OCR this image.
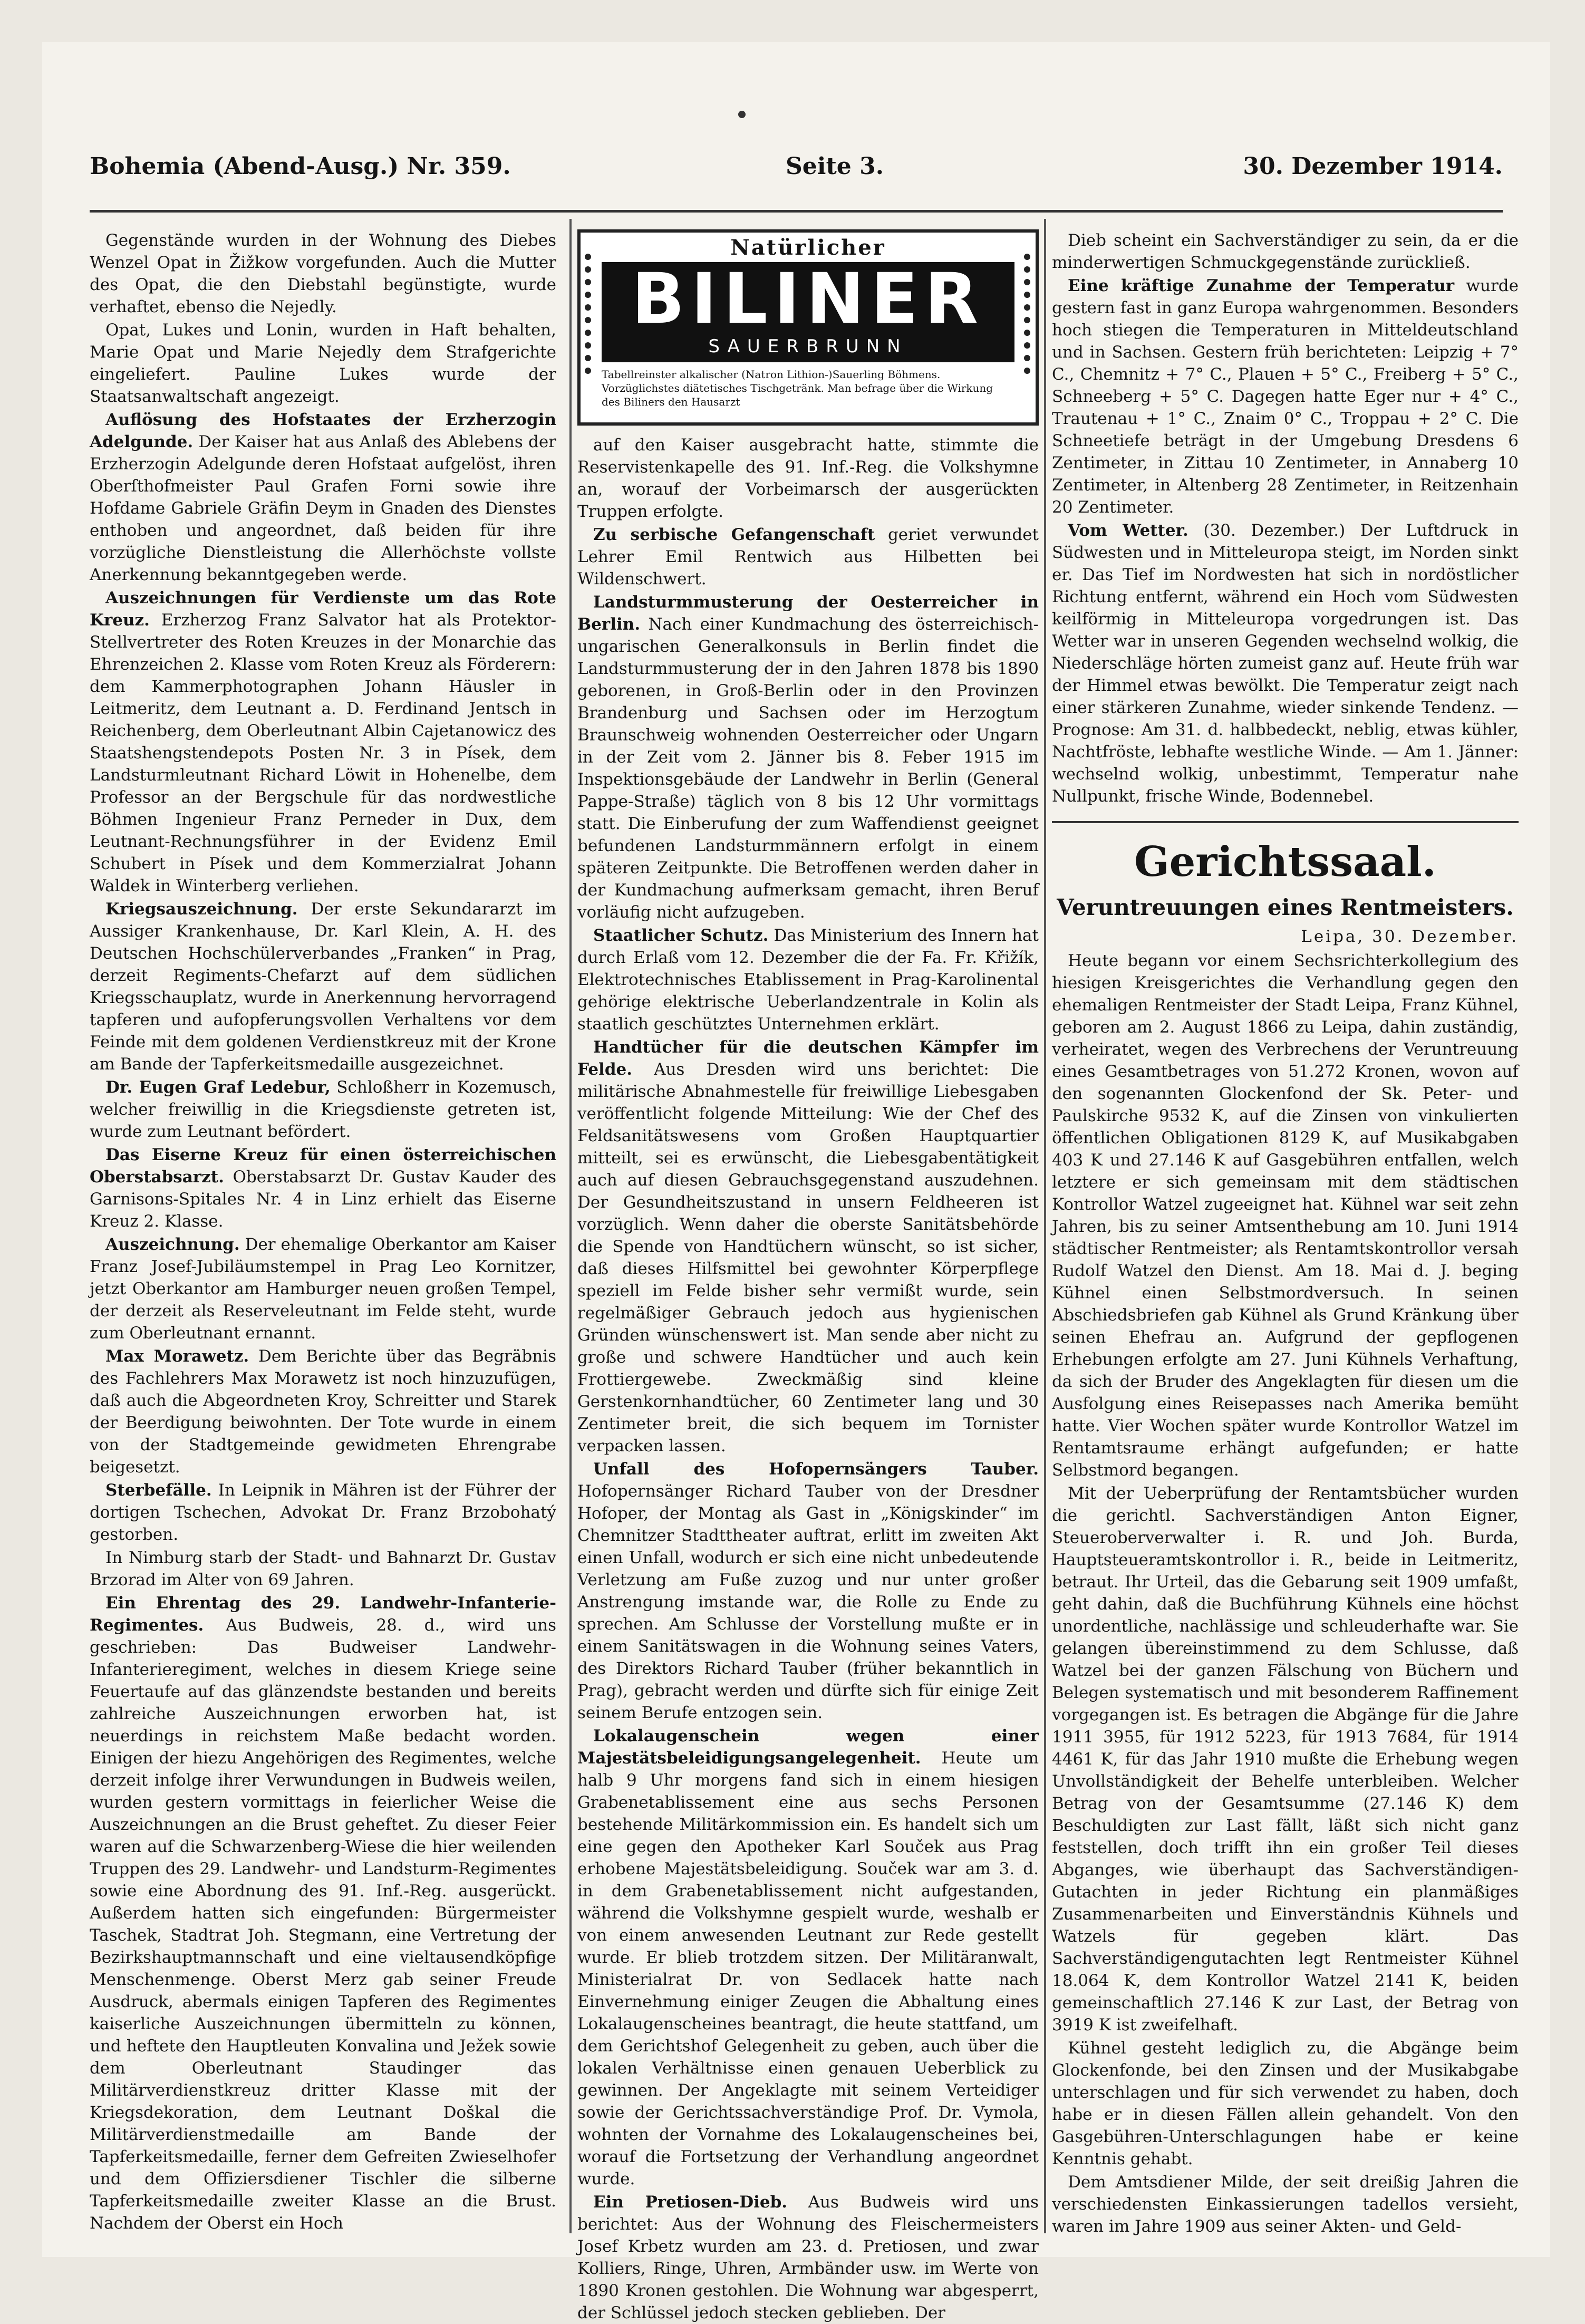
Bohemia (Abend-Ausg.) Nr. 359.	Seite 3.	30. Dezember 1914.

Gegenstände wurden in der Wohnung des Diebes Wenzel Opat in Žižkow vorgefunden. Auch die Mutter des Opat, die den Diebstahl begünstigte, wurde verhaftet, ebenso die Nejedly.

Opat, Lukes und Lonin, wurden in Haft behalten, Marie Opat und Marie Nejedly dem Strafgerichte eingeliefert. Pauline Lukes wurde der Staatsanwaltschaft angezeigt.

Auflösung des Hofstaates der Erzherzogin Adelgunde. Der Kaiser hat aus Anlaß des Ablebens der Erzherzogin Adelgunde deren Hofstaat aufgelöst, ihren Oberſthofmeister Paul Grafen Forni sowie ihre Hofdame Gabriele Gräfin Deym in Gnaden des Dienstes enthoben und angeordnet, daß beiden für ihre vorzügliche Dienstleistung die Allerhöchste vollste Anerkennung bekanntgegeben werde.

Auszeichnungen für Verdienste um das Rote Kreuz. Erzherzog Franz Salvator hat als Protektor-Stellvertreter des Roten Kreuzes in der Monarchie das Ehrenzeichen 2. Klasse vom Roten Kreuz als Förderern: dem Kammerphotographen Johann Häusler in Leitmeritz, dem Leutnant a. D. Ferdinand Jentsch in Reichenberg, dem Oberleutnant Albin Cajetanowicz des Staatshengstendepots Posten Nr. 3 in Písek, dem Landsturmleutnant Richard Löwit in Hohenelbe, dem Professor an der Bergschule für das nordwestliche Böhmen Ingenieur Franz Perneder in Dux, dem Leutnant-Rechnungsführer in der Evidenz Emil Schubert in Písek und dem Kommerzialrat Johann Waldek in Winterberg verliehen.

Kriegsauszeichnung. Der erste Sekundararzt im Aussiger Krankenhause, Dr. Karl Klein, A. H. des Deutschen Hochschülerverbandes „Franken“ in Prag, derzeit Regiments-Chefarzt auf dem südlichen Kriegsschauplatz, wurde in Anerkennung hervorragend tapferen und aufopferungsvollen Verhaltens vor dem Feinde mit dem goldenen Verdienstkreuz mit der Krone am Bande der Tapferkeitsmedaille ausgezeichnet.

Dr. Eugen Graf Ledebur, Schloßherr in Kozemusch, welcher freiwillig in die Kriegsdienste getreten ist, wurde zum Leutnant befördert.

Das Eiserne Kreuz für einen österreichischen Oberstabsarzt. Oberstabsarzt Dr. Gustav Kauder des Garnisons-Spitales Nr. 4 in Linz erhielt das Eiserne Kreuz 2. Klasse.

Auszeichnung. Der ehemalige Oberkantor am Kaiser Franz Josef-Jubiläumstempel in Prag Leo Kornitzer, jetzt Oberkantor am Hamburger neuen großen Tempel, der derzeit als Reserveleutnant im Felde steht, wurde zum Oberleutnant ernannt.

Max Morawetz. Dem Berichte über das Begräbnis des Fachlehrers Max Morawetz ist noch hinzuzufügen, daß auch die Abgeordneten Kroy, Schreitter und Starek der Beerdigung beiwohnten. Der Tote wurde in einem von der Stadtgemeinde gewidmeten Ehrengrabe beigesetzt.

Sterbefälle. In Leipnik in Mähren ist der Führer der dortigen Tschechen, Advokat Dr. Franz Brzobohatý gestorben.

In Nimburg starb der Stadt- und Bahnarzt Dr. Gustav Brzorad im Alter von 69 Jahren.

Ein Ehrentag des 29. Landwehr-Infanterie-Regimentes. Aus Budweis, 28. d., wird uns geschrieben: Das Budweiser Landwehr-Infanterieregiment, welches in diesem Kriege seine Feuertaufe auf das glänzendste bestanden und bereits zahlreiche Auszeichnungen erworben hat, ist neuerdings in reichstem Maße bedacht worden. Einigen der hiezu Angehörigen des Regimentes, welche derzeit infolge ihrer Verwundungen in Budweis weilen, wurden gestern vormittags in feierlicher Weise die Auszeichnungen an die Brust geheftet. Zu dieser Feier waren auf die Schwarzenberg-Wiese die hier weilenden Truppen des 29. Landwehr- und Landsturm-Regimentes sowie eine Abordnung des 91. Inf.-Reg. ausgerückt. Außerdem hatten sich eingefunden: Bürgermeister Taschek, Stadtrat Joh. Stegmann, eine Vertretung der Bezirkshauptmannschaft und eine vieltausendköpfige Menschenmenge. Oberst Merz gab seiner Freude Ausdruck, abermals einigen Tapferen des Regimentes kaiserliche Auszeichnungen übermitteln zu können, und heftete den Hauptleuten Konvalina und Ježek sowie dem Oberleutnant Staudinger das Militärverdienstkreuz dritter Klasse mit der Kriegsdekoration, dem Leutnant Doškal die Militärverdienstmedaille am Bande der Tapferkeitsmedaille, ferner dem Gefreiten Zwieselhofer und dem Offiziersdiener Tischler die silberne Tapferkeitsmedaille zweiter Klasse an die Brust. Nachdem der Oberst ein Hoch

Natürlicher
BILINER
SAUERBRUNN
Tabellreinster alkalischer (Natron Lithion-)Sauerling Böhmens. Vorzüglichstes diätetisches Tischgetränk. Man befrage über die Wirkung des Biliners den Hausarzt

auf den Kaiser ausgebracht hatte, stimmte die Reservistenkapelle des 91. Inf.-Reg. die Volkshymne an, worauf der Vorbeimarsch der ausgerückten Truppen erfolgte.

Zu serbische Gefangenschaft geriet verwundet Lehrer Emil Rentwich aus Hilbetten bei Wildenschwert.

Landsturmmusterung der Oesterreicher in Berlin. Nach einer Kundmachung des österreichisch-ungarischen Generalkonsuls in Berlin findet die Landsturmmusterung der in den Jahren 1878 bis 1890 geborenen, in Groß-Berlin oder in den Provinzen Brandenburg und Sachsen oder im Herzogtum Braunschweig wohnenden Oesterreicher oder Ungarn in der Zeit vom 2. Jänner bis 8. Feber 1915 im Inspektionsgebäude der Landwehr in Berlin (General Pappe-Straße) täglich von 8 bis 12 Uhr vormittags statt. Die Einberufung der zum Waffendienst geeignet befundenen Landsturmmännern erfolgt in einem späteren Zeitpunkte. Die Betroffenen werden daher in der Kundmachung aufmerksam gemacht, ihren Beruf vorläufig nicht aufzugeben.

Staatlicher Schutz. Das Ministerium des Innern hat durch Erlaß vom 12. Dezember die der Fa. Fr. Křižík, Elektrotechnisches Etablissement in Prag-Karolinental gehörige elektrische Ueberlandzentrale in Kolin als staatlich geschütztes Unternehmen erklärt.

Handtücher für die deutschen Kämpfer im Felde. Aus Dresden wird uns berichtet: Die militärische Abnahmestelle für freiwillige Liebesgaben veröffentlicht folgende Mitteilung: Wie der Chef des Feldsanitätswesens vom Großen Hauptquartier mitteilt, sei es erwünscht, die Liebesgabentätigkeit auch auf diesen Gebrauchsgegenstand auszudehnen. Der Gesundheitszustand in unsern Feldheeren ist vorzüglich. Wenn daher die oberste Sanitätsbehörde die Spende von Handtüchern wünscht, so ist sicher, daß dieses Hilfsmittel bei gewohnter Körperpflege speziell im Felde bisher sehr vermißt wurde, sein regelmäßiger Gebrauch jedoch aus hygienischen Gründen wünschenswert ist. Man sende aber nicht zu große und schwere Handtücher und auch kein Frottiergewebe. Zweckmäßig sind kleine Gerstenkornhandtücher, 60 Zentimeter lang und 30 Zentimeter breit, die sich bequem im Tornister verpacken lassen.

Unfall des Hofopernsängers Tauber. Hofopernsänger Richard Tauber von der Dresdner Hofoper, der Montag als Gast in „Königskinder“ im Chemnitzer Stadttheater auftrat, erlitt im zweiten Akt einen Unfall, wodurch er sich eine nicht unbedeutende Verletzung am Fuße zuzog und nur unter großer Anstrengung imstande war, die Rolle zu Ende zu sprechen. Am Schlusse der Vorstellung mußte er in einem Sanitätswagen in die Wohnung seines Vaters, des Direktors Richard Tauber (früher bekanntlich in Prag), gebracht werden und dürfte sich für einige Zeit seinem Berufe entzogen sein.

Lokalaugenschein wegen einer Majestätsbeleidigungsangelegenheit. Heute um halb 9 Uhr morgens fand sich in einem hiesigen Grabenetablissement eine aus sechs Personen bestehende Militärkommission ein. Es handelt sich um eine gegen den Apotheker Karl Souček aus Prag erhobene Majestätsbeleidigung. Souček war am 3. d. in dem Grabenetablissement nicht aufgestanden, während die Volkshymne gespielt wurde, weshalb er von einem anwesenden Leutnant zur Rede gestellt wurde. Er blieb trotzdem sitzen. Der Militäranwalt, Ministerialrat Dr. von Sedlacek hatte nach Einvernehmung einiger Zeugen die Abhaltung eines Lokalaugenscheines beantragt, die heute stattfand, um dem Gerichtshof Gelegenheit zu geben, auch über die lokalen Verhältnisse einen genauen Ueberblick zu gewinnen. Der Angeklagte mit seinem Verteidiger sowie der Gerichtssachverständige Prof. Dr. Vymola, wohnten der Vornahme des Lokalaugenscheines bei, worauf die Fortsetzung der Verhandlung angeordnet wurde.

Ein Pretiosen-Dieb. Aus Budweis wird uns berichtet: Aus der Wohnung des Fleischermeisters Josef Krbetz wurden am 23. d. Pretiosen, und zwar Kolliers, Ringe, Uhren, Armbänder usw. im Werte von 1890 Kronen gestohlen. Die Wohnung war abgesperrt, der Schlüssel jedoch stecken geblieben. Der

Dieb scheint ein Sachverständiger zu sein, da er die minderwertigen Schmuckgegenstände zurückließ.

Eine kräftige Zunahme der Temperatur wurde gestern fast in ganz Europa wahrgenommen. Besonders hoch stiegen die Temperaturen in Mitteldeutschland und in Sachsen. Gestern früh berichteten: Leipzig + 7° C., Chemnitz + 7° C., Plauen + 5° C., Freiberg + 5° C., Schneeberg + 5° C. Dagegen hatte Eger nur + 4° C., Trautenau + 1° C., Znaim 0° C., Troppau + 2° C. Die Schneetiefe beträgt in der Umgebung Dresdens 6 Zentimeter, in Zittau 10 Zentimeter, in Annaberg 10 Zentimeter, in Altenberg 28 Zentimeter, in Reitzenhain 20 Zentimeter.

Vom Wetter. (30. Dezember.) Der Luftdruck in Südwesten und in Mitteleuropa steigt, im Norden sinkt er. Das Tief im Nordwesten hat sich in nordöstlicher Richtung entfernt, während ein Hoch vom Südwesten keilförmig in Mitteleuropa vorgedrungen ist. Das Wetter war in unseren Gegenden wechselnd wolkig, die Niederschläge hörten zumeist ganz auf. Heute früh war der Himmel etwas bewölkt. Die Temperatur zeigt nach einer stärkeren Zunahme, wieder sinkende Tendenz. — Prognose: Am 31. d. halbbedeckt, neblig, etwas kühler, Nachtfröste, lebhafte westliche Winde. — Am 1. Jänner: wechselnd wolkig, unbestimmt, Temperatur nahe Nullpunkt, frische Winde, Bodennebel.

Gerichtssaal.
Veruntreuungen eines Rentmeisters.
Leipa, 30. Dezember.

Heute begann vor einem Sechsrichterkollegium des hiesigen Kreisgerichtes die Verhandlung gegen den ehemaligen Rentmeister der Stadt Leipa, Franz Kühnel, geboren am 2. August 1866 zu Leipa, dahin zuständig, verheiratet, wegen des Verbrechens der Veruntreuung eines Gesamtbetrages von 51.272 Kronen, wovon auf den sogenannten Glockenfond der Sk. Peter- und Paulskirche 9532 K, auf die Zinsen von vinkulierten öffentlichen Obligationen 8129 K, auf Musikabgaben 403 K und 27.146 K auf Gasgebühren entfallen, welch letztere er sich gemeinsam mit dem städtischen Kontrollor Watzel zugeeignet hat. Kühnel war seit zehn Jahren, bis zu seiner Amtsenthebung am 10. Juni 1914 städtischer Rentmeister; als Rentamtskontrollor versah Rudolf Watzel den Dienst. Am 18. Mai d. J. beging Kühnel einen Selbstmordversuch. In seinen Abschiedsbriefen gab Kühnel als Grund Kränkung über seinen Ehefrau an. Aufgrund der gepflogenen Erhebungen erfolgte am 27. Juni Kühnels Verhaftung, da sich der Bruder des Angeklagten für diesen um die Ausfolgung eines Reisepasses nach Amerika bemüht hatte. Vier Wochen später wurde Kontrollor Watzel im Rentamtsraume erhängt aufgefunden; er hatte Selbstmord begangen.

Mit der Ueberprüfung der Rentamtsbücher wurden die gerichtl. Sachverständigen Anton Eigner, Steueroberverwalter i. R. und Joh. Burda, Hauptsteueramtskontrollor i. R., beide in Leitmeritz, betraut. Ihr Urteil, das die Gebarung seit 1909 umfaßt, geht dahin, daß die Buchführung Kühnels eine höchst unordentliche, nachlässige und schleuderhafte war. Sie gelangen übereinstimmend zu dem Schlusse, daß Watzel bei der ganzen Fälschung von Büchern und Belegen systematisch und mit besonderem Raffinement vorgegangen ist. Es betragen die Abgänge für die Jahre 1911 3955, für 1912 5223, für 1913 7684, für 1914 4461 K, für das Jahr 1910 mußte die Erhebung wegen Unvollständigkeit der Behelfe unterbleiben. Welcher Betrag von der Gesamtsumme (27.146 K) dem Beschuldigten zur Last fällt, läßt sich nicht ganz feststellen, doch trifft ihn ein großer Teil dieses Abganges, wie überhaupt das Sachverständigen-Gutachten in jeder Richtung ein planmäßiges Zusammenarbeiten und Einverständnis Kühnels und Watzels für gegeben klärt. Das Sachverständigengutachten legt Rentmeister Kühnel 18.064 K, dem Kontrollor Watzel 2141 K, beiden gemeinschaftlich 27.146 K zur Last, der Betrag von 3919 K ist zweifelhaft.

Kühnel gesteht lediglich zu, die Abgänge beim Glockenfonde, bei den Zinsen und der Musikabgabe unterschlagen und für sich verwendet zu haben, doch habe er in diesen Fällen allein gehandelt. Von den Gasgebühren-Unterschlagungen habe er keine Kenntnis gehabt.

Dem Amtsdiener Milde, der seit dreißig Jahren die verschiedensten Einkassierungen tadellos versieht, waren im Jahre 1909 aus seiner Akten- und Geld-
